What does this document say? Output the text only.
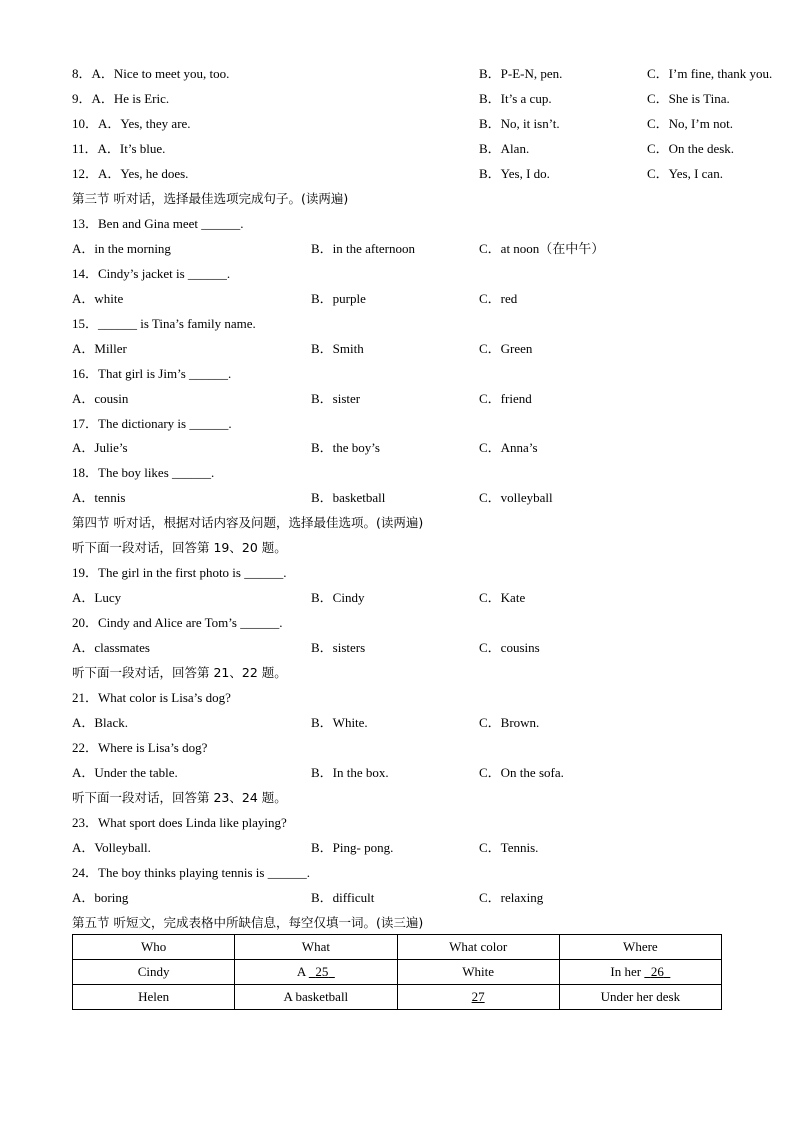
8．A．Nice to meet you, too.	B．P-E-N, pen.	C．I’m fine, thank you.
9．A．He is Eric.	B．It’s a cup.	C．She is Tina.
10．A．Yes, they are.	B．No, it isn’t.	C．No, I’m not.
11．A．It’s blue.	B．Alan.	C．On the desk.
12．A．Yes, he does.	B．Yes, I do.	C．Yes, I can.
第三节 听对话，选择最佳选项完成句子。(读两遍)
13．Ben and Gina meet ______.
A．in the morning	B．in the afternoon	C．at noon（在中午）
14．Cindy’s jacket is ______.
A．white	B．purple	C．red
15．______ is Tina’s family name.
A．Miller	B．Smith	C．Green
16．That girl is Jim’s ______.
A．cousin	B．sister	C．friend
17．The dictionary is ______.
A．Julie’s	B．the boy’s	C．Anna’s
18．The boy likes ______.
A．tennis	B．basketball	C．volleyball
第四节 听对话，根据对话内容及问题，选择最佳选项。(读两遍)
听下面一段对话，回答第 19、20 题。
19．The girl in the first photo is ______.
A．Lucy	B．Cindy	C．Kate
20．Cindy and Alice are Tom’s ______.
A．classmates	B．sisters	C．cousins
听下面一段对话，回答第 21、22 题。
21．What color is Lisa’s dog?
A．Black.	B．White.	C．Brown.
22．Where is Lisa’s dog?
A．Under the table.	B．In the box.	C．On the sofa.
听下面一段对话，回答第 23、24 题。
23．What sport does Linda like playing?
A．Volleyball.	B．Ping- pong.	C．Tennis.
24．The boy thinks playing tennis is ______.
A．boring	B．difficult	C．relaxing
第五节 听短文，完成表格中所缺信息，每空仅填一词。(读三遍)
Who	What	What color	Where
Cindy	A 25	White	In her 26
Helen	A basketball	27	Under her desk
